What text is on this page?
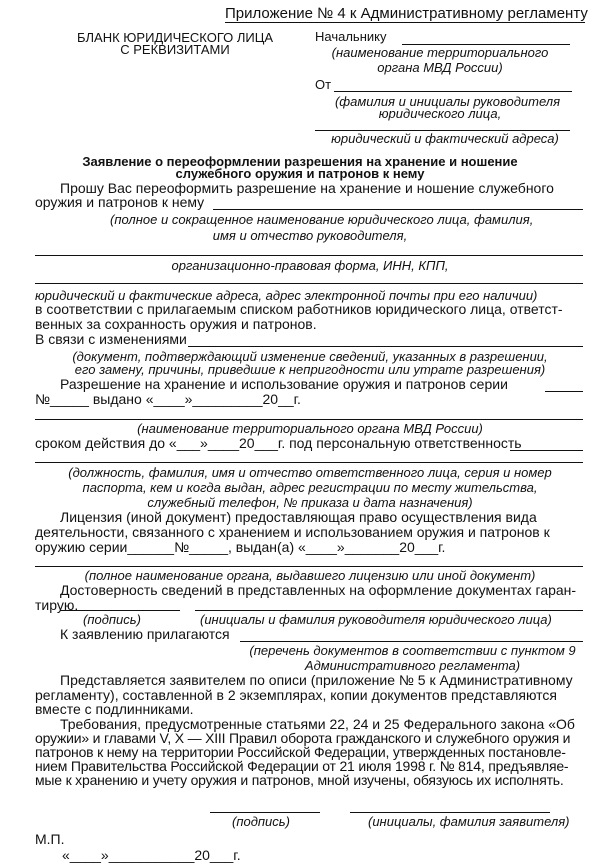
Приложение № 4 к Административному регламенту
БЛАНК ЮРИДИЧЕСКОГО ЛИЦА
С РЕКВИЗИТАМИ
Начальнику
(наименование территориального
органа МВД России)
От
(фамилия и инициалы руководителя
юридического лица,
юридический и фактический адреса)
Заявление о переоформлении разрешения на хранение и ношение
служебного оружия и патронов к нему
Прошу Вас переоформить разрешение на хранение и ношение служебного
оружия и патронов к нему
(полное и сокращенное наименование юридического лица, фамилия,
имя и отчество руководителя,
организационно-правовая форма, ИНН, КПП,
юридический и фактические адреса, адрес электронной почты при его наличии)
в соответствии с прилагаемым списком работников юридического лица, ответст-
венных за сохранность оружия и патронов.
В связи с изменениями
(документ, подтверждающий изменение сведений, указанных в разрешении,
его замену, причины, приведшие к непригодности или утрате разрешения)
Разрешение на хранение и использование оружия и патронов серии
№_____ выдано «____»_________20__г.
(наименование территориального органа МВД России)
сроком действия до «___»____20___г. под персональную ответственность
(должность, фамилия, имя и отчество ответственного лица, серия и номер
паспорта, кем и когда выдан, адрес регистрации по месту жительства,
служебный телефон, № приказа и дата назначения)
Лицензия (иной документ) предоставляющая право осуществления вида
деятельности, связанного с хранением и использованием оружия и патронов к
оружию серии______№_____, выдан(а) «____»_______20___г.
(полное наименование органа, выдавшего лицензию или иной документ)
Достоверность сведений в представленных на оформление документах гаран-
тирую.
(подпись)	(инициалы и фамилия руководителя юридического лица)
К заявлению прилагаются
(перечень документов в соответствии с пунктом 9
Административного регламента)
Представляется заявителем по описи (приложение № 5 к Административному
регламенту), составленной в 2 экземплярах, копии документов представляются
вместе с подлинниками.
Требования, предусмотренные статьями 22, 24 и 25 Федерального закона «Об
оружии» и главами V, X — XIII Правил оборота гражданского и служебного оружия и
патронов к нему на территории Российской Федерации, утвержденных постановле-
нием Правительства Российской Федерации от 21 июля 1998 г. № 814, предъявляе-
мые к хранению и учету оружия и патронов, мной изучены, обязуюсь их исполнять.
(подпись)	(инициалы, фамилия заявителя)
М.П.
«____»___________20___г.
